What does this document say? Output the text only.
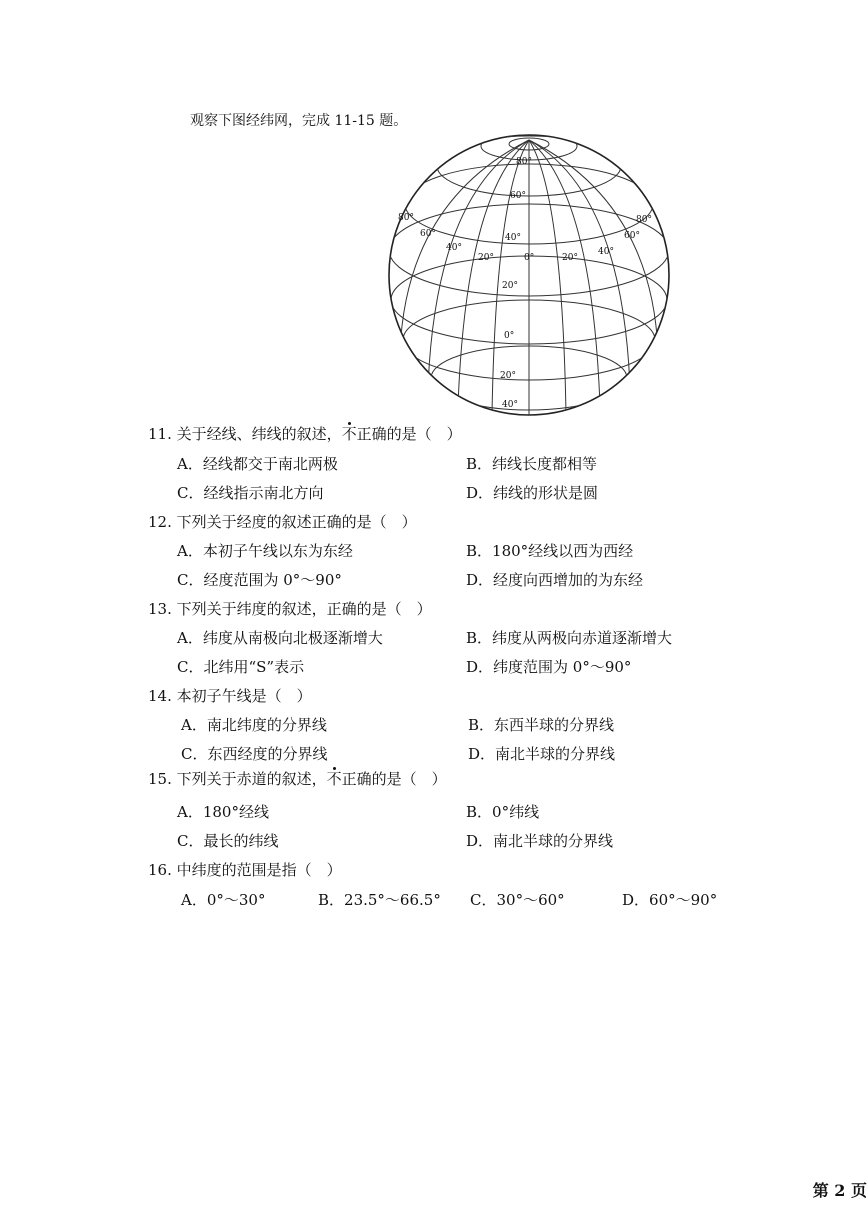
观察下图经纬网，完成 11-15 题。
80°
60°
40°
80°
60°
40°
20°	0°	20°
40°
60°
80°
20°
0°
20°
40°
11. 关于经线、纬线的叙述，不正确的是（　）
A．经线都交于南北两极	B．纬线长度都相等
C．经线指示南北方向	D．纬线的形状是圆
12. 下列关于经度的叙述正确的是（　）
A．本初子午线以东为东经	B．180°经线以西为西经
C．经度范围为 0°～90°	D．经度向西增加的为东经
13. 下列关于纬度的叙述，正确的是（　）
A．纬度从南极向北极逐渐增大	B．纬度从两极向赤道逐渐增大
C．北纬用“S”表示	D．纬度范围为 0°～90°
14. 本初子午线是（　）
A．南北纬度的分界线	B．东西半球的分界线
C．东西经度的分界线	D．南北半球的分界线
15. 下列关于赤道的叙述，不正确的是（　）
A．180°经线	B．0°纬线
C．最长的纬线	D．南北半球的分界线
16. 中纬度的范围是指（　）
A．0°～30°	B．23.5°～66.5° C．30°～60°	D．60°～90°
第 2 页
